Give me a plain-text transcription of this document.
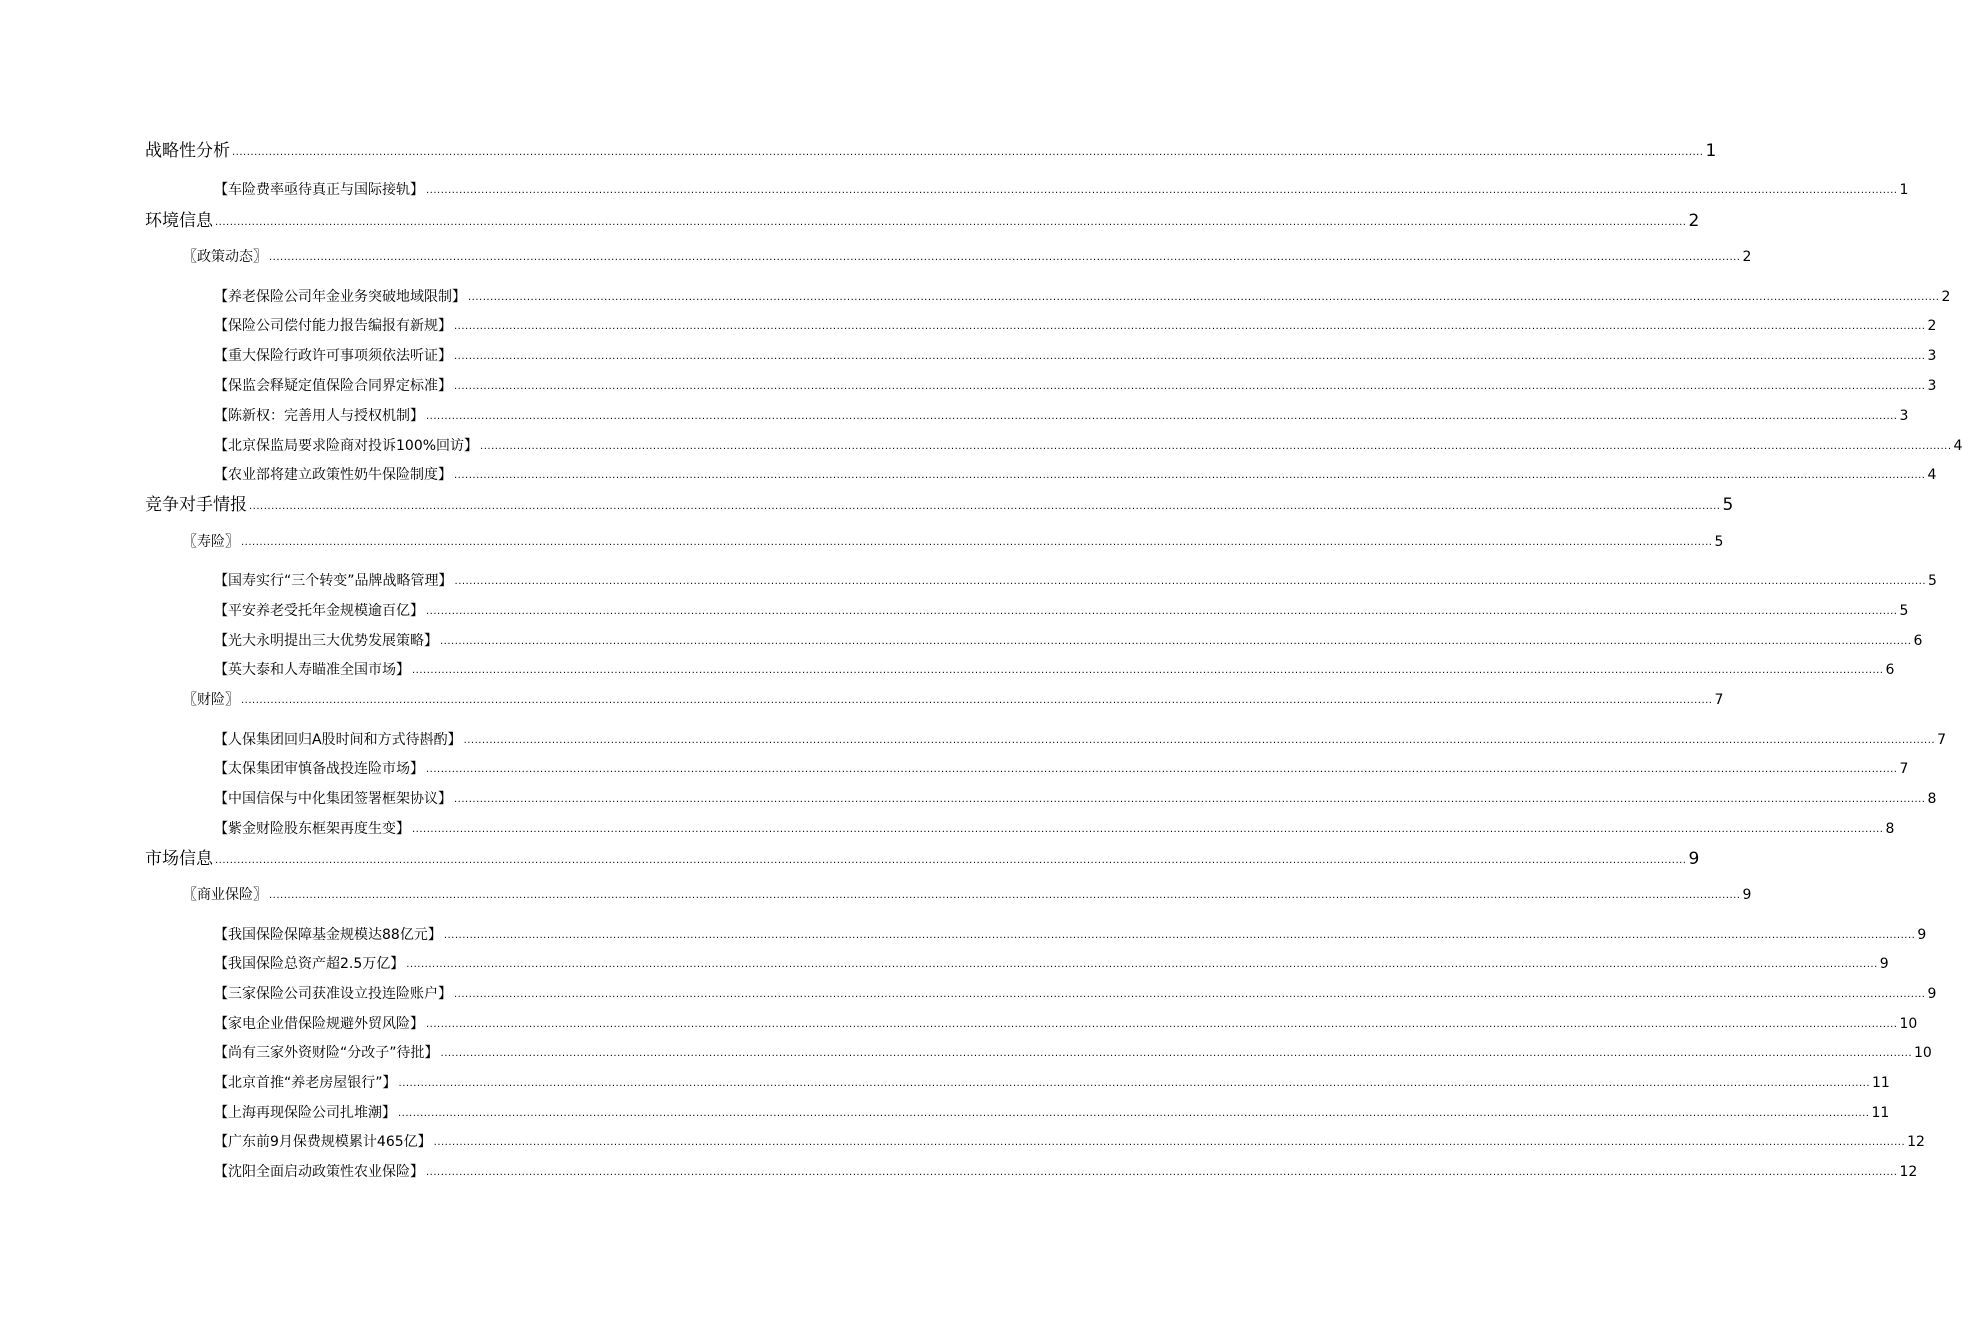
战略性分析 ................................................................................................................................................................................................................................................................................................................................................................................................................ 1
【车险费率亟待真正与国际接轨】 ................................................................................................................................................................................................................................................................................................................................................................................................................ 1
环境信息 ................................................................................................................................................................................................................................................................................................................................................................................................................ 2
〖政策动态〗 ................................................................................................................................................................................................................................................................................................................................................................................................................ 2
【养老保险公司年金业务突破地域限制】 ................................................................................................................................................................................................................................................................................................................................................................................................................ 2
【保险公司偿付能力报告编报有新规】 ................................................................................................................................................................................................................................................................................................................................................................................................................ 2
【重大保险行政许可事项须依法听证】 ................................................................................................................................................................................................................................................................................................................................................................................................................ 3
【保监会释疑定值保险合同界定标准】 ................................................................................................................................................................................................................................................................................................................................................................................................................ 3
【陈新权：完善用人与授权机制】 ................................................................................................................................................................................................................................................................................................................................................................................................................ 3
【北京保监局要求险商对投诉100%回访】 ................................................................................................................................................................................................................................................................................................................................................................................................................ 4
【农业部将建立政策性奶牛保险制度】 ................................................................................................................................................................................................................................................................................................................................................................................................................ 4
竞争对手情报 ................................................................................................................................................................................................................................................................................................................................................................................................................ 5
〖寿险〗 ................................................................................................................................................................................................................................................................................................................................................................................................................ 5
【国寿实行“三个转变”品牌战略管理】 ................................................................................................................................................................................................................................................................................................................................................................................................................ 5
【平安养老受托年金规模逾百亿】 ................................................................................................................................................................................................................................................................................................................................................................................................................ 5
【光大永明提出三大优势发展策略】 ................................................................................................................................................................................................................................................................................................................................................................................................................ 6
【英大泰和人寿瞄准全国市场】 ................................................................................................................................................................................................................................................................................................................................................................................................................ 6
〖财险〗 ................................................................................................................................................................................................................................................................................................................................................................................................................ 7
【人保集团回归A股时间和方式待斟酌】 ................................................................................................................................................................................................................................................................................................................................................................................................................ 7
【太保集团审慎备战投连险市场】 ................................................................................................................................................................................................................................................................................................................................................................................................................ 7
【中国信保与中化集团签署框架协议】 ................................................................................................................................................................................................................................................................................................................................................................................................................ 8
【紫金财险股东框架再度生变】 ................................................................................................................................................................................................................................................................................................................................................................................................................ 8
市场信息 ................................................................................................................................................................................................................................................................................................................................................................................................................ 9
〖商业保险〗 ................................................................................................................................................................................................................................................................................................................................................................................................................ 9
【我国保险保障基金规模达88亿元】 ................................................................................................................................................................................................................................................................................................................................................................................................................ 9
【我国保险总资产超2.5万亿】 ................................................................................................................................................................................................................................................................................................................................................................................................................ 9
【三家保险公司获准设立投连险账户】 ................................................................................................................................................................................................................................................................................................................................................................................................................ 9
【家电企业借保险规避外贸风险】 ................................................................................................................................................................................................................................................................................................................................................................................................................ 10
【尚有三家外资财险“分改子”待批】 ................................................................................................................................................................................................................................................................................................................................................................................................................ 10
【北京首推“养老房屋银行”】 ................................................................................................................................................................................................................................................................................................................................................................................................................ 11
【上海再现保险公司扎堆潮】 ................................................................................................................................................................................................................................................................................................................................................................................................................ 11
【广东前9月保费规模累计465亿】 ................................................................................................................................................................................................................................................................................................................................................................................................................ 12
【沈阳全面启动政策性农业保险】 ................................................................................................................................................................................................................................................................................................................................................................................................................ 12
